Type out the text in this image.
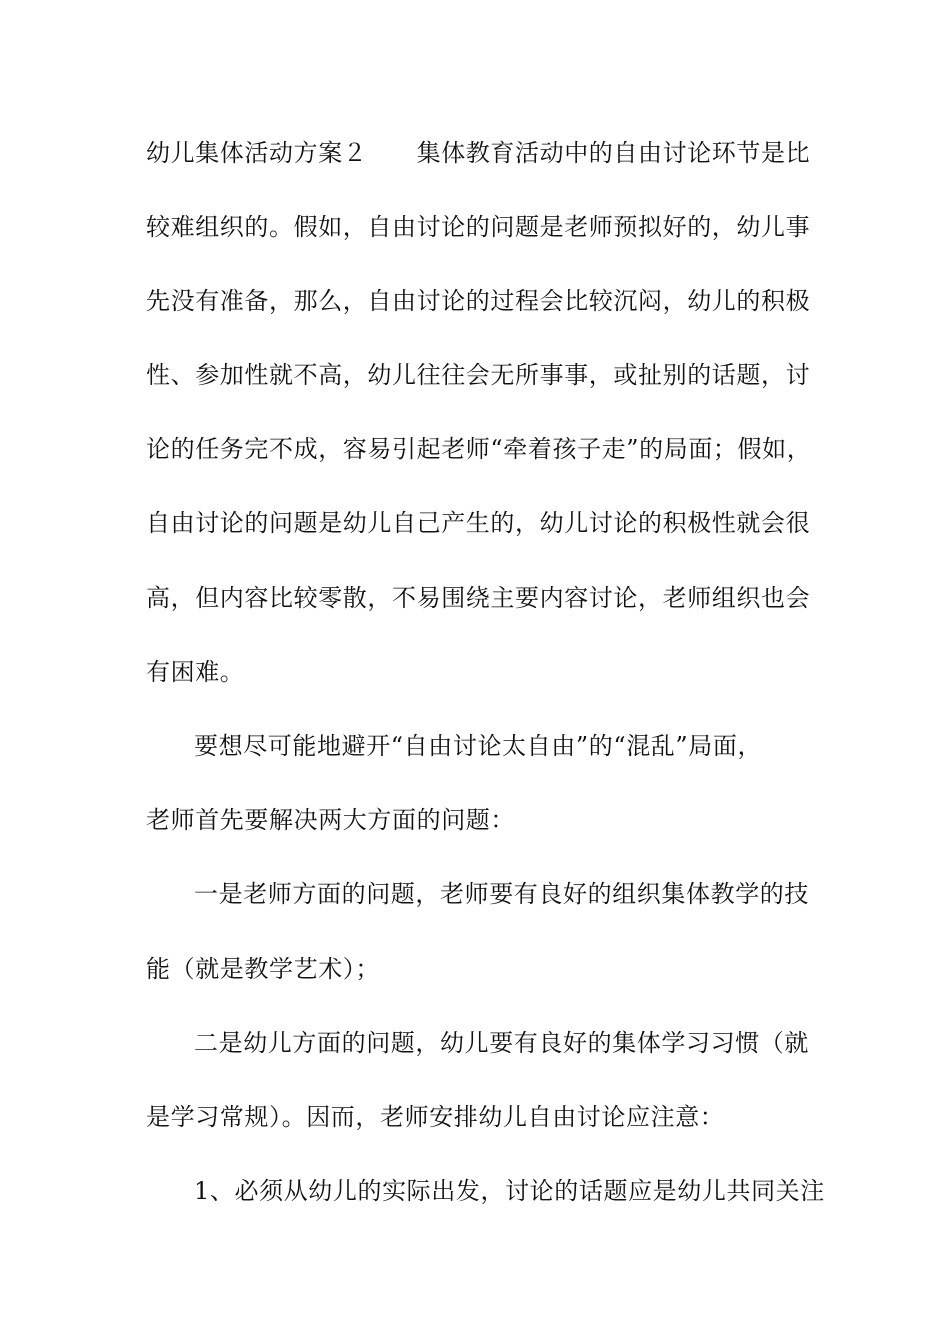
幼儿集体活动方案２　　集体教育活动中的自由讨论环节是比
较难组织的。假如，自由讨论的问题是老师预拟好的，幼儿事
先没有准备，那么，自由讨论的过程会比较沉闷，幼儿的积极
性、参加性就不高，幼儿往往会无所事事，或扯别的话题，讨
论的任务完不成，容易引起老师“牵着孩子走”的局面；假如，
自由讨论的问题是幼儿自己产生的，幼儿讨论的积极性就会很
高，但内容比较零散，不易围绕主要内容讨论，老师组织也会
有困难。
要想尽可能地避开“自由讨论太自由”的“混乱”局面，
老师首先要解决两大方面的问题：
一是老师方面的问题，老师要有良好的组织集体教学的技
能（就是教学艺术）；
二是幼儿方面的问题，幼儿要有良好的集体学习习惯（就
是学习常规）。因而，老师安排幼儿自由讨论应注意：
1、必须从幼儿的实际出发，讨论的话题应是幼儿共同关注
